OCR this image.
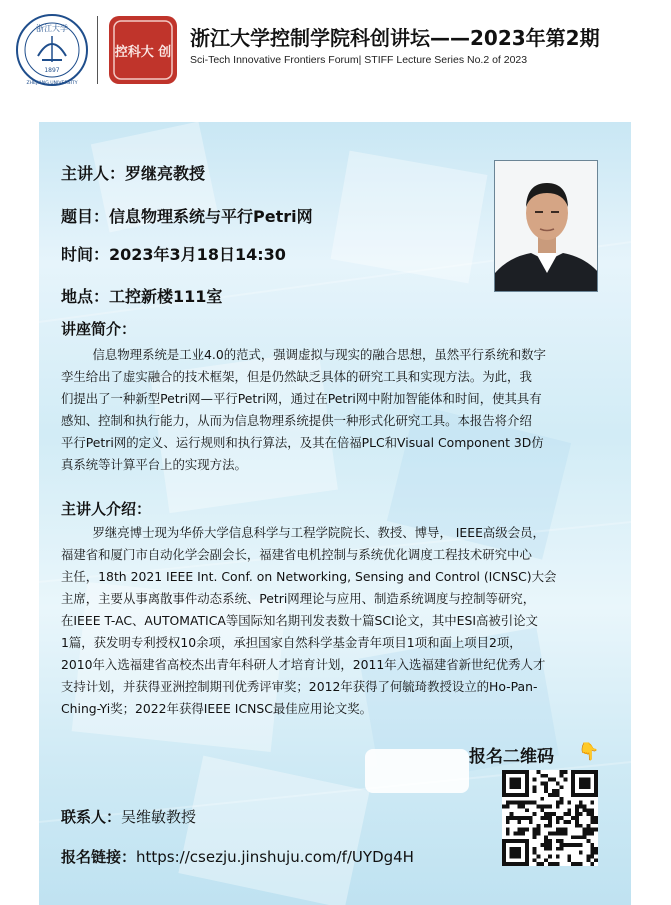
浙江大学
1897
ZHEJIANG UNIVERSITY
控科大 创
浙江大学控制学院科创讲坛——2023年第2期
Sci-Tech Innovative Frontiers Forum| STIFF Lecture Series No.2 of 2023
主讲人：罗继亮教授
题目：信息物理系统与平行Petri网
时间：2023年3月18日14:30
地点：工控新楼111室
讲座简介：
信息物理系统是工业4.0的范式，强调虚拟与现实的融合思想，虽然平行系统和数字
孪生给出了虚实融合的技术框架，但是仍然缺乏具体的研究工具和实现方法。为此，我
们提出了一种新型Petri网—平行Petri网，通过在Petri网中附加智能体和时间，使其具有
感知、控制和执行能力，从而为信息物理系统提供一种形式化研究工具。本报告将介绍
平行Petri网的定义、运行规则和执行算法，及其在倍福PLC和Visual Component 3D仿
真系统等计算平台上的实现方法。
主讲人介绍：
罗继亮博士现为华侨大学信息科学与工程学院院长、教授、博导， IEEE高级会员，
福建省和厦门市自动化学会副会长，福建省电机控制与系统优化调度工程技术研究中心
主任，18th 2021 IEEE Int. Conf. on Networking, Sensing and Control (ICNSC)大会
主席，主要从事离散事件动态系统、Petri网理论与应用、制造系统调度与控制等研究，
在IEEE T-AC、AUTOMATICA等国际知名期刊发表数十篇SCI论文，其中ESI高被引论文
1篇，获发明专利授权10余项，承担国家自然科学基金青年项目1项和面上项目2项，
2010年入选福建省高校杰出青年科研人才培育计划，2011年入选福建省新世纪优秀人才
支持计划，并获得亚洲控制期刊优秀评审奖；2012年获得了何毓琦教授设立的Ho-Pan-
Ching-Yi奖；2022年获得IEEE ICNSC最佳应用论文奖。
报名二维码 👇
联系人：吴维敏教授
报名链接：https://csezju.jinshuju.com/f/UYDg4H
